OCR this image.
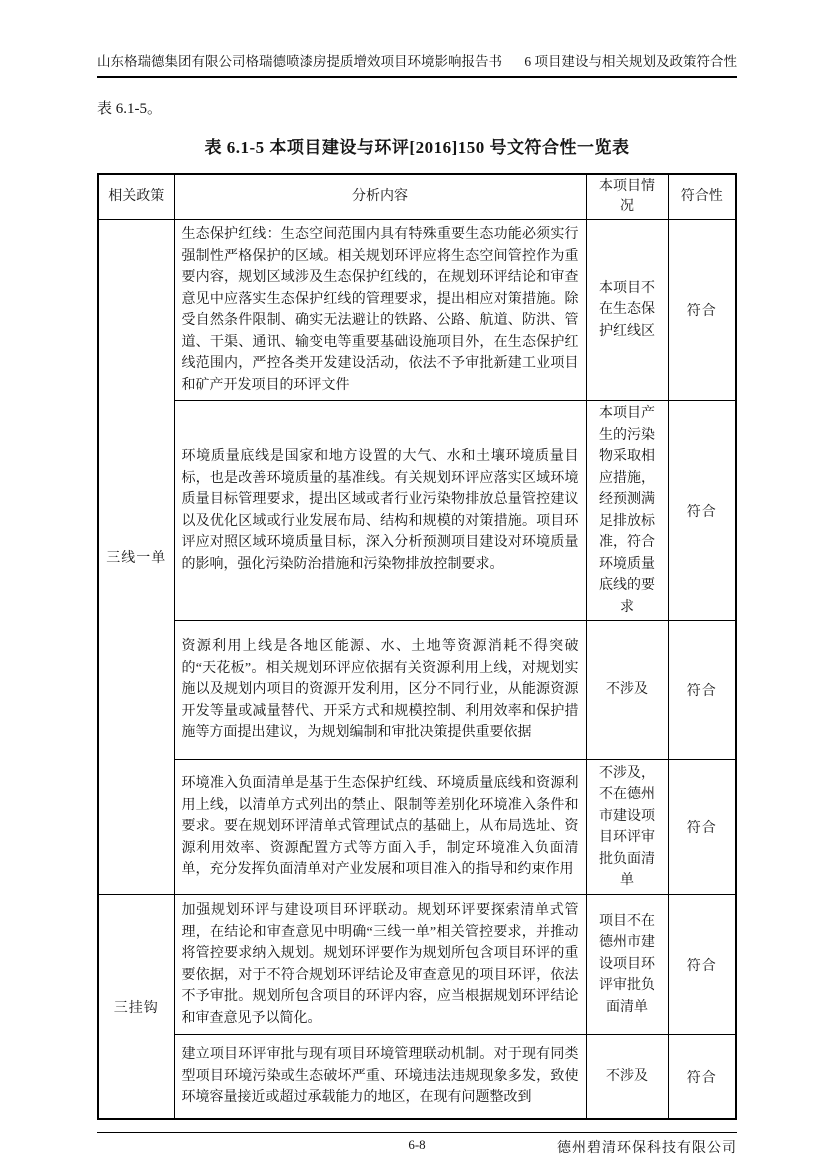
山东格瑞德集团有限公司格瑞德喷漆房提质增效项目环境影响报告书 6 项目建设与相关规划及政策符合性
表 6.1-5。
表 6.1-5 本项目建设与环评[2016]150 号文符合性一览表
相关政策	分析内容	本项目情况	符合性
三线一单	生态保护红线：生态空间范围内具有特殊重要生态功能必须实行强制性严格保护的区域。相关规划环评应将生态空间管控作为重要内容，规划区域涉及生态保护红线的，在规划环评结论和审查意见中应落实生态保护红线的管理要求，提出相应对策措施。除受自然条件限制、确实无法避让的铁路、公路、航道、防洪、管道、干渠、通讯、输变电等重要基础设施项目外，在生态保护红线范围内，严控各类开发建设活动，依法不予审批新建工业项目和矿产开发项目的环评文件	本项目不在生态保护红线区	符合
	环境质量底线是国家和地方设置的大气、水和土壤环境质量目标，也是改善环境质量的基准线。有关规划环评应落实区域环境质量目标管理要求，提出区域或者行业污染物排放总量管控建议以及优化区域或行业发展布局、结构和规模的对策措施。项目环评应对照区域环境质量目标，深入分析预测项目建设对环境质量的影响，强化污染防治措施和污染物排放控制要求。	本项目产生的污染物采取相应措施，经预测满足排放标准，符合环境质量底线的要求	符合
	资源利用上线是各地区能源、水、土地等资源消耗不得突破的“天花板”。相关规划环评应依据有关资源利用上线，对规划实施以及规划内项目的资源开发利用，区分不同行业，从能源资源开发等量或减量替代、开采方式和规模控制、利用效率和保护措施等方面提出建议，为规划编制和审批决策提供重要依据	不涉及	符合
	环境准入负面清单是基于生态保护红线、环境质量底线和资源利用上线，以清单方式列出的禁止、限制等差别化环境准入条件和要求。要在规划环评清单式管理试点的基础上，从布局选址、资源利用效率、资源配置方式等方面入手，制定环境准入负面清单，充分发挥负面清单对产业发展和项目准入的指导和约束作用	不涉及，不在德州市建设项目环评审批负面清单	符合
三挂钩	加强规划环评与建设项目环评联动。规划环评要探索清单式管理，在结论和审查意见中明确“三线一单”相关管控要求，并推动将管控要求纳入规划。规划环评要作为规划所包含项目环评的重要依据，对于不符合规划环评结论及审查意见的项目环评，依法不予审批。规划所包含项目的环评内容，应当根据规划环评结论和审查意见予以简化。	项目不在德州市建设项目环评审批负面清单	符合
	建立项目环评审批与现有项目环境管理联动机制。对于现有同类型项目环境污染或生态破坏严重、环境违法违规现象多发，致使环境容量接近或超过承载能力的地区，在现有问题整改到	不涉及	符合
6-8	德州碧清环保科技有限公司
